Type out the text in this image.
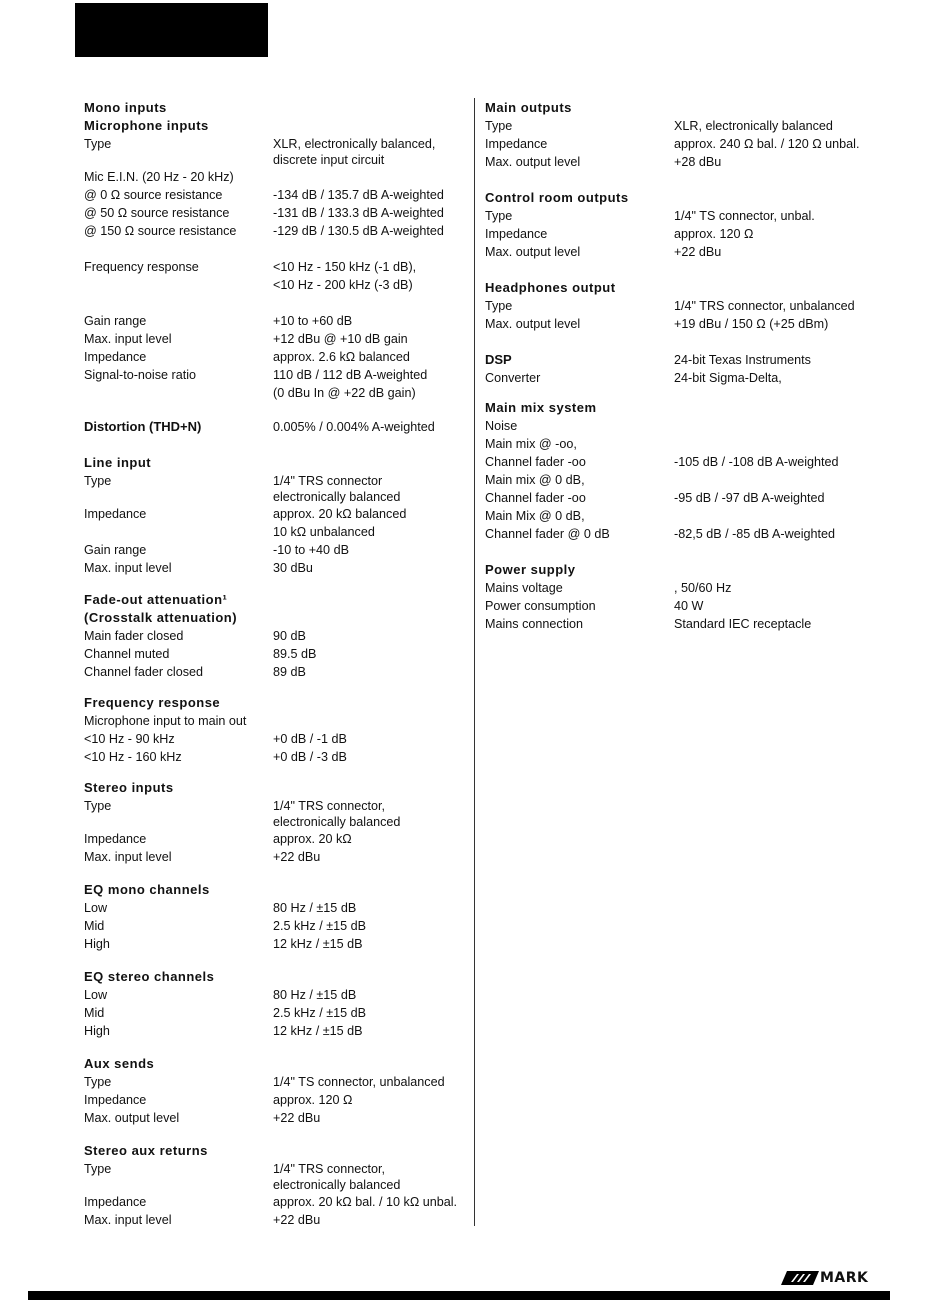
Mono inputs
Microphone inputs
Type	XLR, electronically balanced,
discrete input circuit
Mic E.I.N. (20 Hz - 20 kHz)
@ 0 Ω source resistance	-134 dB / 135.7 dB A-weighted
@ 50 Ω source resistance	-131 dB / 133.3 dB A-weighted
@ 150 Ω source resistance	-129 dB / 130.5 dB A-weighted
Frequency response	<10 Hz - 150 kHz (-1 dB),
<10 Hz - 200 kHz (-3 dB)
Gain range	+10 to +60 dB
Max. input level	+12 dBu @ +10 dB gain
Impedance	approx. 2.6 kΩ balanced
Signal-to-noise ratio	110 dB / 112 dB A-weighted
(0 dBu In @ +22 dB gain)
Distortion (THD+N)	0.005% / 0.004% A-weighted
Line input
Type	1/4" TRS connector
electronically balanced
Impedance	approx. 20 kΩ balanced
10 kΩ unbalanced
Gain range	-10 to +40 dB
Max. input level	30 dBu
Fade-out attenuation¹
(Crosstalk attenuation)
Main fader closed	90 dB
Channel muted	89.5 dB
Channel fader closed	89 dB
Frequency response
Microphone input to main out
<10 Hz - 90 kHz	+0 dB / -1 dB
<10 Hz - 160 kHz	+0 dB / -3 dB
Stereo inputs
Type	1/4" TRS connector,
electronically balanced
Impedance	approx. 20 kΩ
Max. input level	+22 dBu
EQ mono channels
Low	80 Hz / ±15 dB
Mid	2.5 kHz / ±15 dB
High	12 kHz / ±15 dB
EQ stereo channels
Low	80 Hz / ±15 dB
Mid	2.5 kHz / ±15 dB
High	12 kHz / ±15 dB
Aux sends
Type	1/4" TS connector, unbalanced
Impedance	approx. 120 Ω
Max. output level	+22 dBu
Stereo aux returns
Type	1/4" TRS connector,
electronically balanced
Impedance	approx. 20 kΩ bal. / 10 kΩ unbal.
Max. input level	+22 dBu
Main outputs
Type	XLR, electronically balanced
Impedance	approx. 240 Ω bal. / 120 Ω unbal.
Max. output level	+28 dBu
Control room outputs
Type	1/4" TS connector, unbal.
Impedance	approx. 120 Ω
Max. output level	+22 dBu
Headphones output
Type	1/4" TRS connector, unbalanced
Max. output level	+19 dBu / 150 Ω (+25 dBm)
DSP	24-bit Texas Instruments
Converter	24-bit Sigma-Delta,
Main mix system
Noise
Main mix @ -oo,
Channel fader -oo	-105 dB / -108 dB A-weighted
Main mix @ 0 dB,
Channel fader -oo	-95 dB / -97 dB A-weighted
Main Mix @ 0 dB,
Channel fader @ 0 dB	-82,5 dB / -85 dB A-weighted
Power supply
Mains voltage	, 50/60 Hz
Power consumption	40 W
Mains connection	Standard IEC receptacle
MARK
